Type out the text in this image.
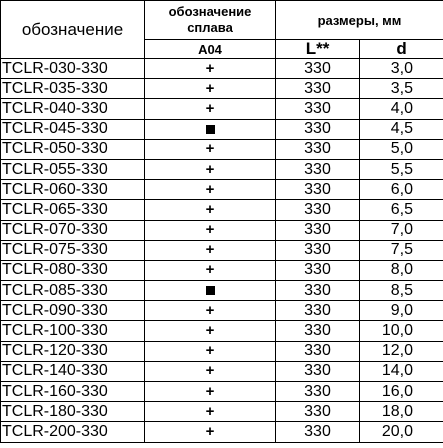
обозначение	обозначение
сплава	размеры, мм	
	A04	L**	d
TCLR-030-330	+	330	3,0
TCLR-035-330	+	330	3,5
TCLR-040-330	+	330	4,0
TCLR-045-330		330	4,5
TCLR-050-330	+	330	5,0
TCLR-055-330	+	330	5,5
TCLR-060-330	+	330	6,0
TCLR-065-330	+	330	6,5
TCLR-070-330	+	330	7,0
TCLR-075-330	+	330	7,5
TCLR-080-330	+	330	8,0
TCLR-085-330		330	8,5
TCLR-090-330	+	330	9,0
TCLR-100-330	+	330	10,0
TCLR-120-330	+	330	12,0
TCLR-140-330	+	330	14,0
TCLR-160-330	+	330	16,0
TCLR-180-330	+	330	18,0
TCLR-200-330	+	330	20,0
